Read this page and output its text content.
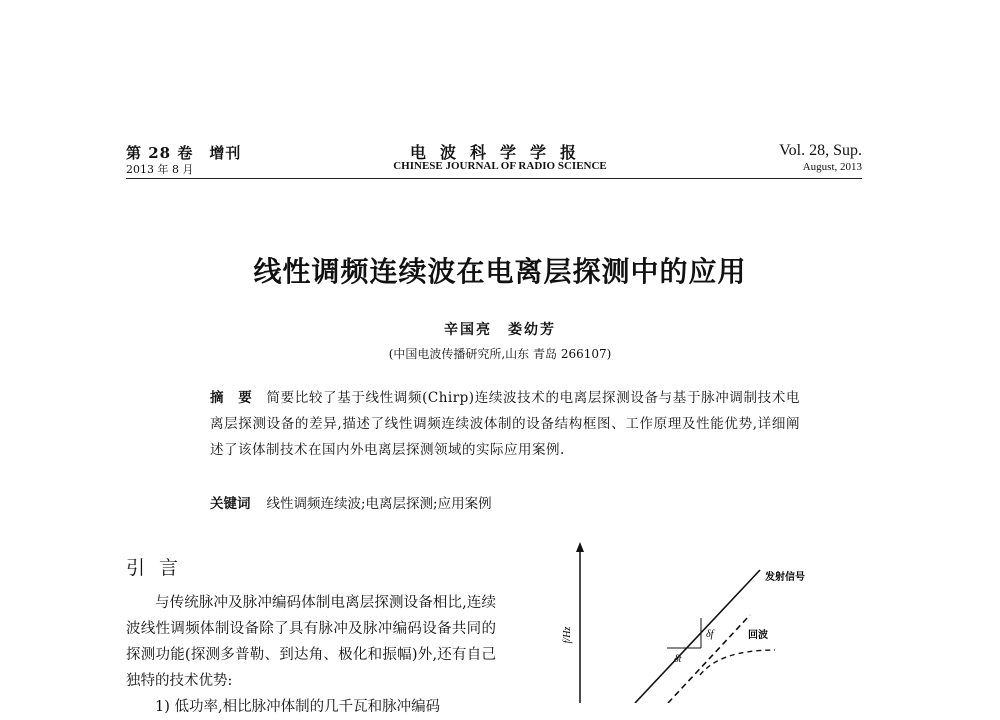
第 28 卷　增刊
2013 年 8 月
电波科学学报
CHINESE JOURNAL OF RADIO SCIENCE
Vol. 28, Sup.
August, 2013
线性调频连续波在电离层探测中的应用
辛国亮　娄幼芳
(中国电波传播研究所,山东 青岛 266107)
摘　要 简要比较了基于线性调频(Chirp)连续波技术的电离层探测设备与基于脉冲调制技术电离层探测设备的差异,描述了线性调频连续波体制的设备结构框图、工作原理及性能优势,详细阐述了该体制技术在国内外电离层探测领域的实际应用案例.
关键词 线性调频连续波;电离层探测;应用案例
引言

与传统脉冲及脉冲编码体制电离层探测设备相比,连续波线性调频体制设备除了具有脉冲及脉冲编码设备共同的探测功能(探测多普勒、到达角、极化和振幅)外,还有自己独特的技术优势:

1) 低功率,相比脉冲体制的几千瓦和脉冲编码

f/Hz	δf
δt
发射信号
回波
